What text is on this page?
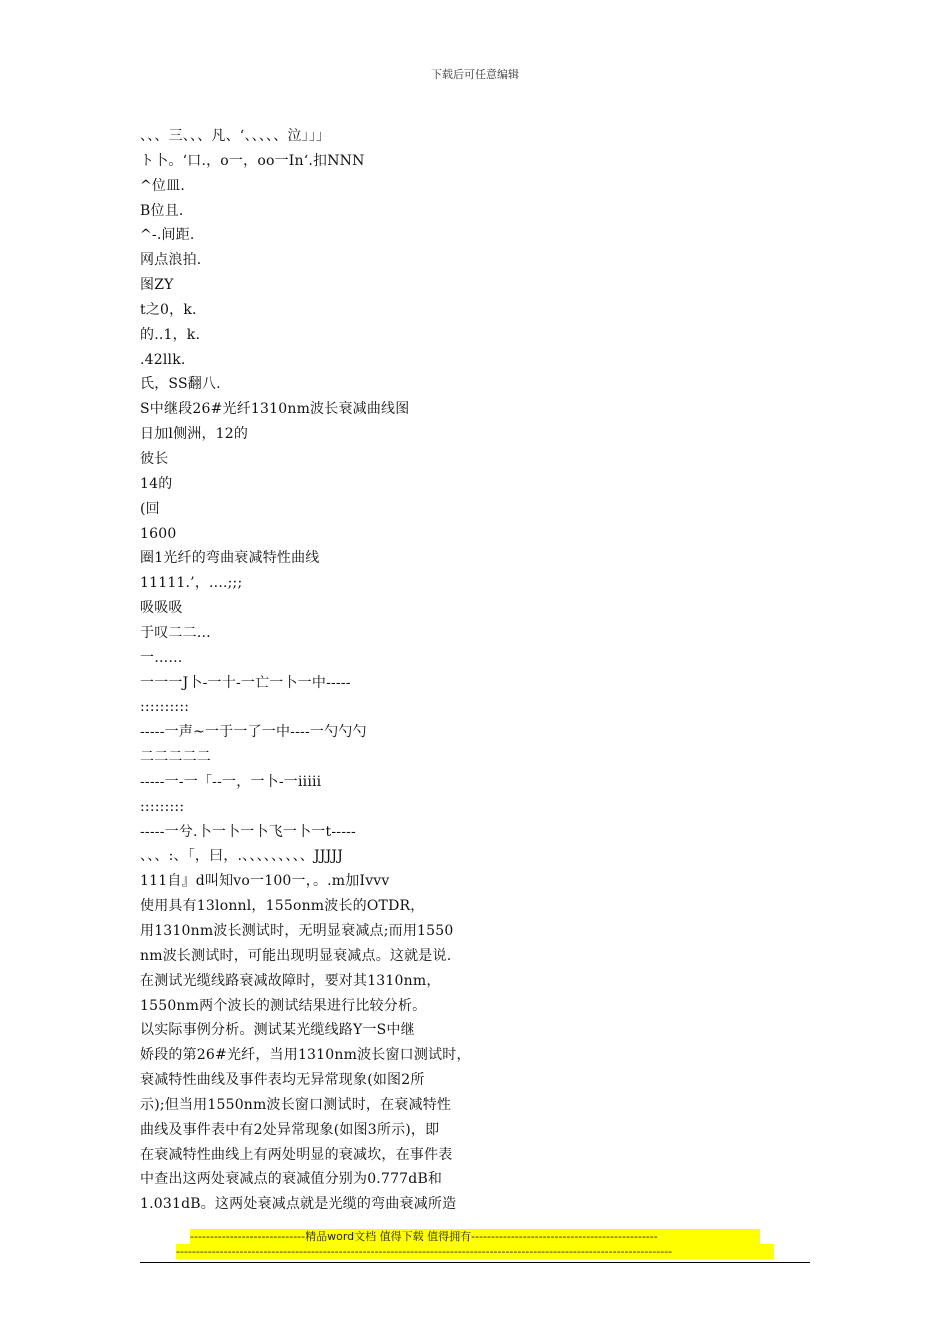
下载后可任意编辑
、、、三、、、凡、‘、、、、、泣」」」
ト卜。‘口.，o一，oo一In‘.扣NNN
^位皿.
B位且.
^-.间距.
网点浪拍.
图ZY
t之0，k.
的..1，k.
.42llk.
氏，SS翻八.
S中继段26#光纤1310nm波长衰减曲线图
日加l侧洲，12的
彼长
14的
(回
1600
圈1光纤的弯曲衰减特性曲线
11111.’，....;;;
吸吸吸
于叹二二…
一……
一一一J卜-一十-一亡一卜一中-----
::::::::::
-----一声~一于一了一中----一勺勺勺
二二二二二
-----一-一「--一，一卜-一iiiii
:::::::::
-----一兮.卜一卜一卜飞一卜一t-----
、、、:、「，曰，.、、、、、、、、、JJJJJ
111自』d叫知vo一100一，。.m加Ivvv
使用具有13lonnl，155onm波长的OTDR，
用1310nm波长测试时，无明显衰减点;而用1550
nm波长测试时，可能出现明显衰减点。这就是说.
在测试光缆线路衰减故障时，要对其1310nm，
1550nm两个波长的测试结果进行比较分析。
以实际事例分析。测试某光缆线路Y一S中继
娇段的第26#光纤，当用1310nm波长窗口测试时，
衰减特性曲线及事件表均无异常现象(如图2所
示);但当用1550nm波长窗口测试时，在衰减特性
曲线及事件表中有2处异常现象(如图3所示)，即
在衰减特性曲线上有两处明显的衰减坎，在事件表
中查出这两处衰减点的衰减值分别为0.777dB和
1.031dB。这两处衰减点就是光缆的弯曲衰减所造
-----------------------------精品word文档 值得下载 值得拥有-----------------------------------------------
-----------------------------------------------------------------------------------------------------------------------------
